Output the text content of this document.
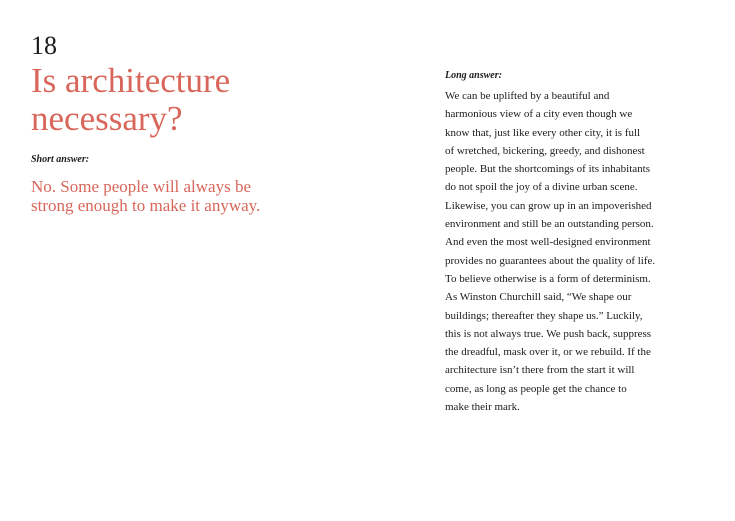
18
Is architecture
necessary?
Short answer:
No. Some people will always be
strong enough to make it anyway.
Long answer:
We can be uplifted by a beautiful and
harmonious view of a city even though we
know that, just like every other city, it is full
of wretched, bickering, greedy, and dishonest
people. But the shortcomings of its inhabitants
do not spoil the joy of a divine urban scene.
Likewise, you can grow up in an impoverished
environment and still be an outstanding person.
And even the most well-designed environment
provides no guarantees about the quality of life.
To believe otherwise is a form of determinism.
As Winston Churchill said, “We shape our
buildings; thereafter they shape us.” Luckily,
this is not always true. We push back, suppress
the dreadful, mask over it, or we rebuild. If the
architecture isn’t there from the start it will
come, as long as people get the chance to
make their mark.
